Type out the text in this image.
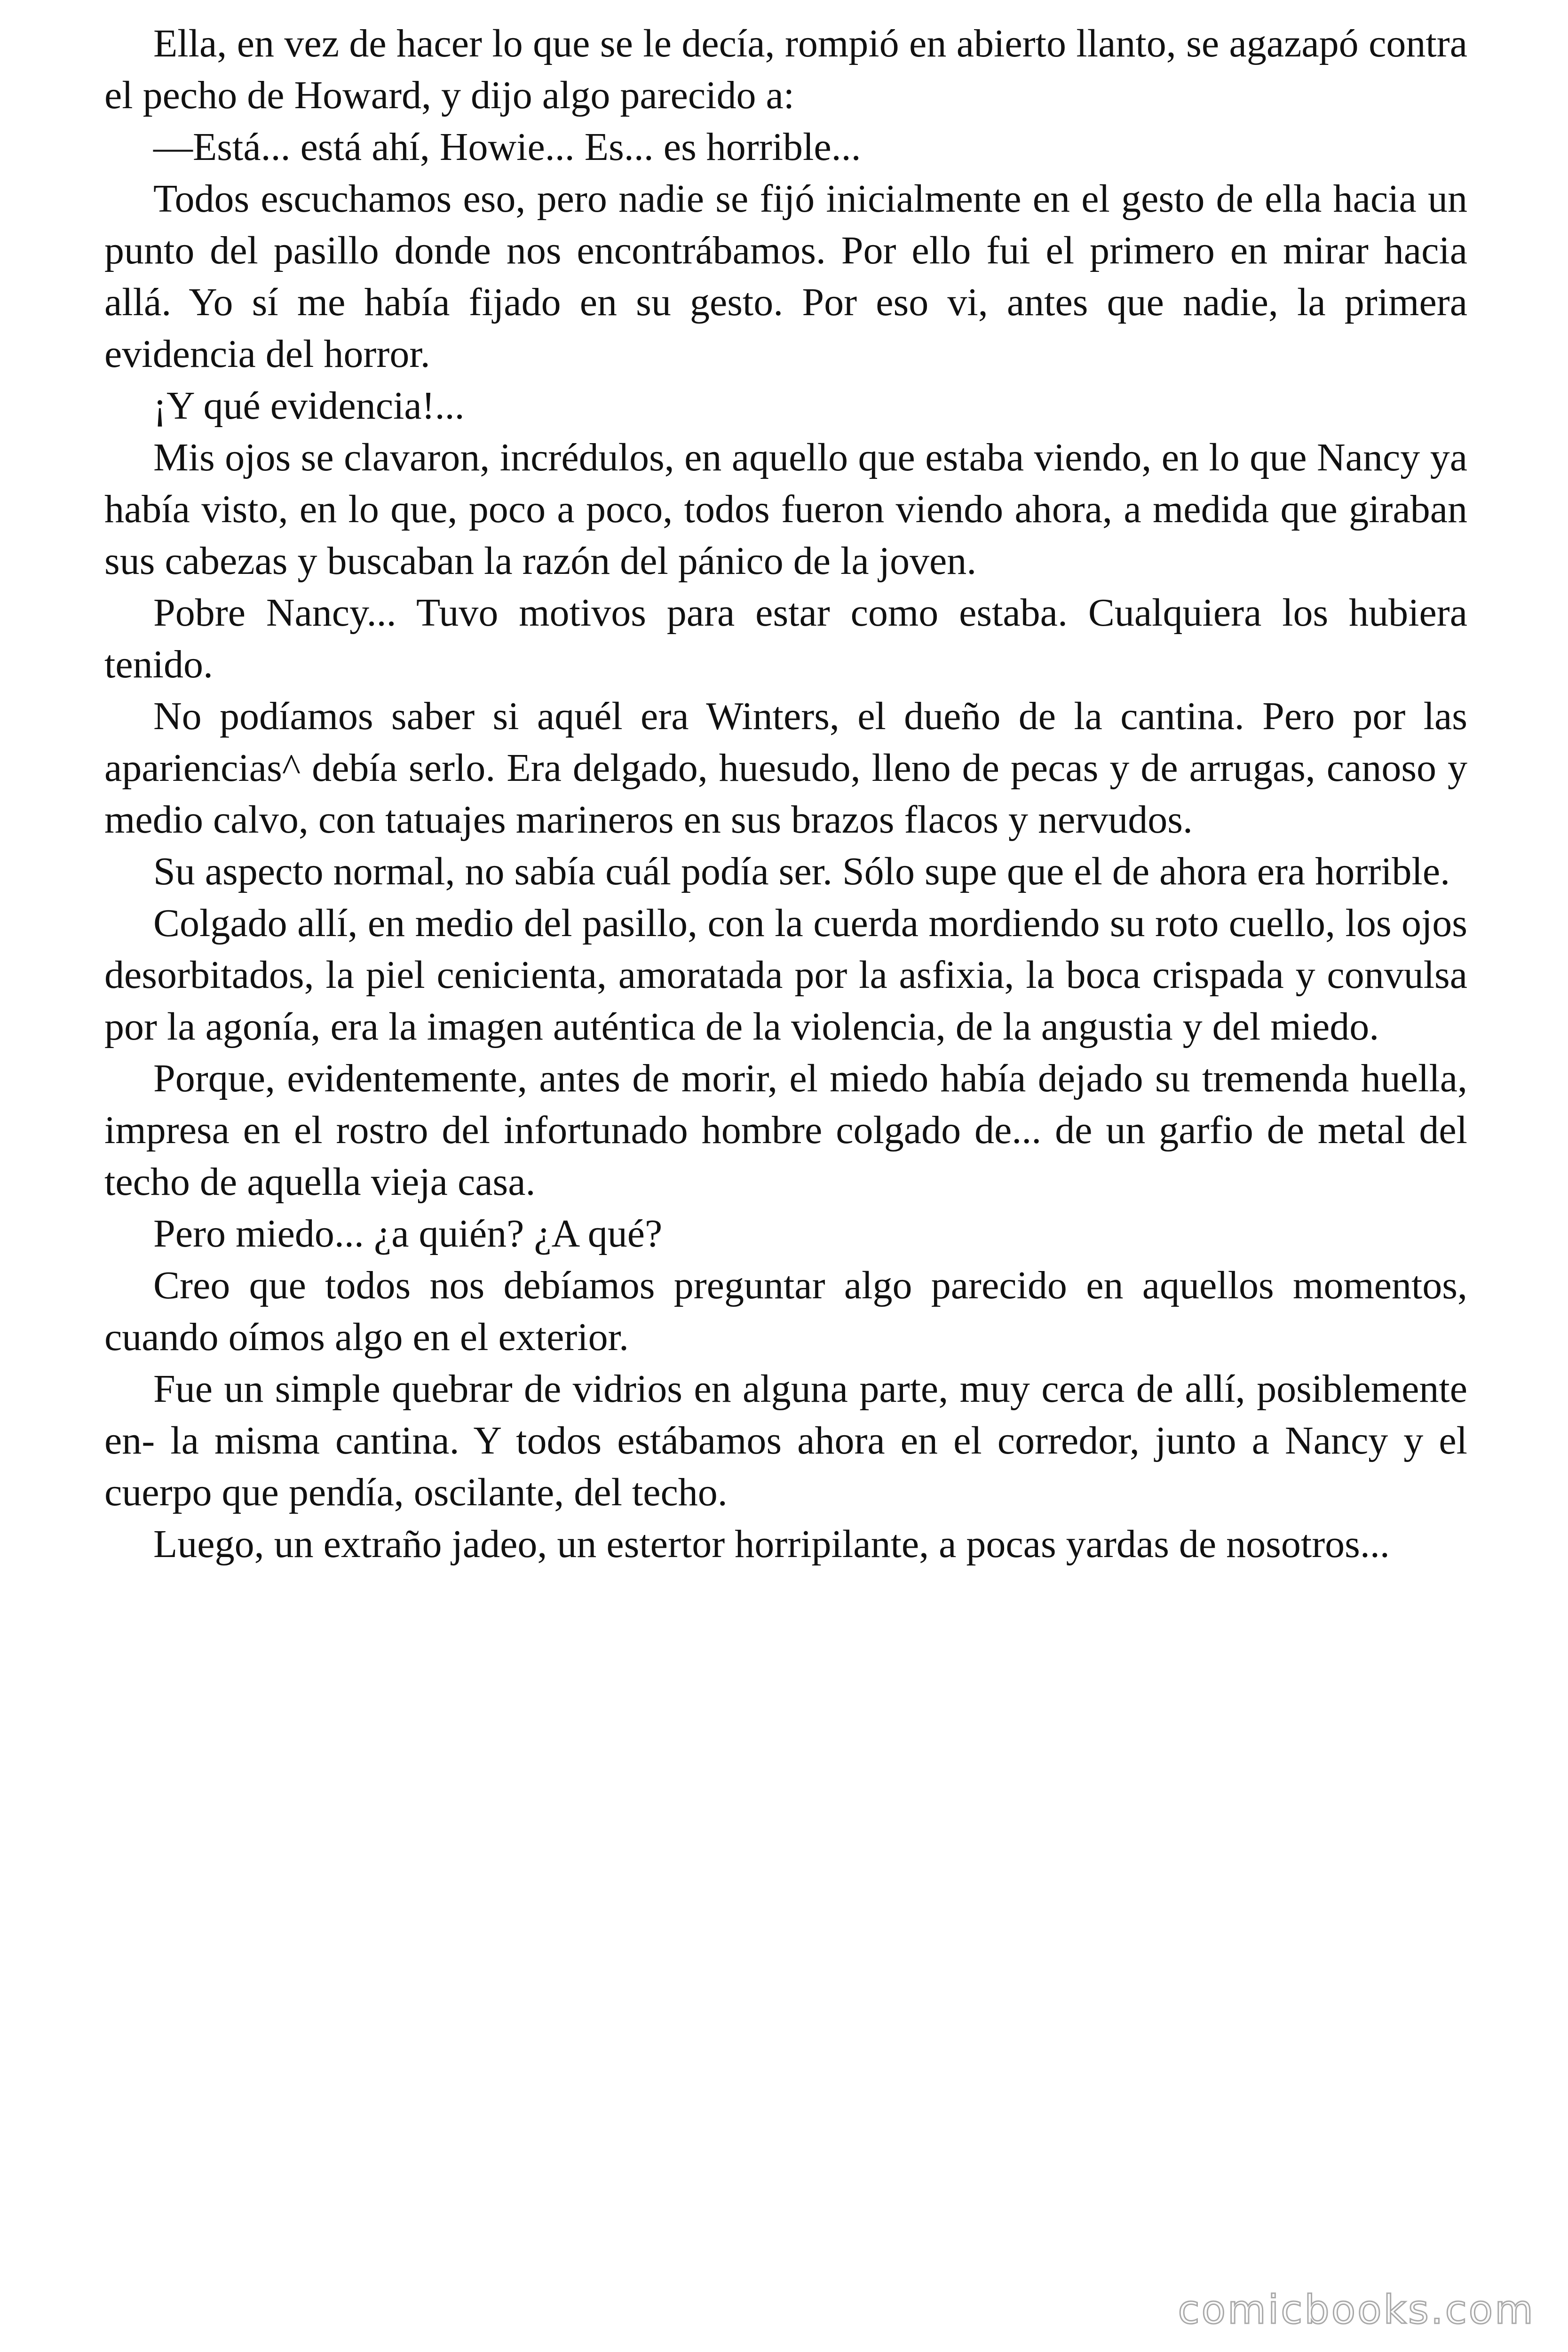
Ella, en vez de hacer lo que se le decía, rompió en abierto llanto, se agazapó contra el pecho de Howard, y dijo algo parecido a:

—Está... está ahí, Howie... Es... es horrible...

Todos escuchamos eso, pero nadie se fijó inicialmente en el gesto de ella hacia un punto del pasillo donde nos encontrábamos. Por ello fui el primero en mirar hacia allá. Yo sí me había fijado en su gesto. Por eso vi, antes que nadie, la primera evidencia del horror.

¡Y qué evidencia!...

Mis ojos se clavaron, incrédulos, en aquello que estaba viendo, en lo que Nancy ya había visto, en lo que, poco a poco, todos fueron viendo ahora, a medida que giraban sus cabezas y buscaban la razón del pánico de la joven.

Pobre Nancy... Tuvo motivos para estar como estaba. Cualquiera los hubiera tenido.

No podíamos saber si aquél era Winters, el dueño de la cantina. Pero por las apariencias^ debía serlo. Era delgado, huesudo, lleno de pecas y de arrugas, canoso y medio calvo, con tatuajes marineros en sus brazos flacos y nervudos.

Su aspecto normal, no sabía cuál podía ser. Sólo supe que el de ahora era horrible.

Colgado allí, en medio del pasillo, con la cuerda mordiendo su roto cuello, los ojos desorbitados, la piel cenicienta, amoratada por la asfixia, la boca crispada y convulsa por la agonía, era la imagen auténtica de la violencia, de la angustia y del miedo.

Porque, evidentemente, antes de morir, el miedo había dejado su tremenda huella, impresa en el rostro del infortunado hombre colgado de... de un garfio de metal del techo de aquella vieja casa.

Pero miedo... ¿a quién? ¿A qué?

Creo que todos nos debíamos preguntar algo parecido en aquellos momentos, cuando oímos algo en el exterior.

Fue un simple quebrar de vidrios en alguna parte, muy cerca de allí, posiblemente en- la misma cantina. Y todos estábamos ahora en el corredor, junto a Nancy y el cuerpo que pendía, oscilante, del techo.

Luego, un extraño jadeo, un estertor horripilante, a pocas yardas de nosotros...

comicbooks.com
